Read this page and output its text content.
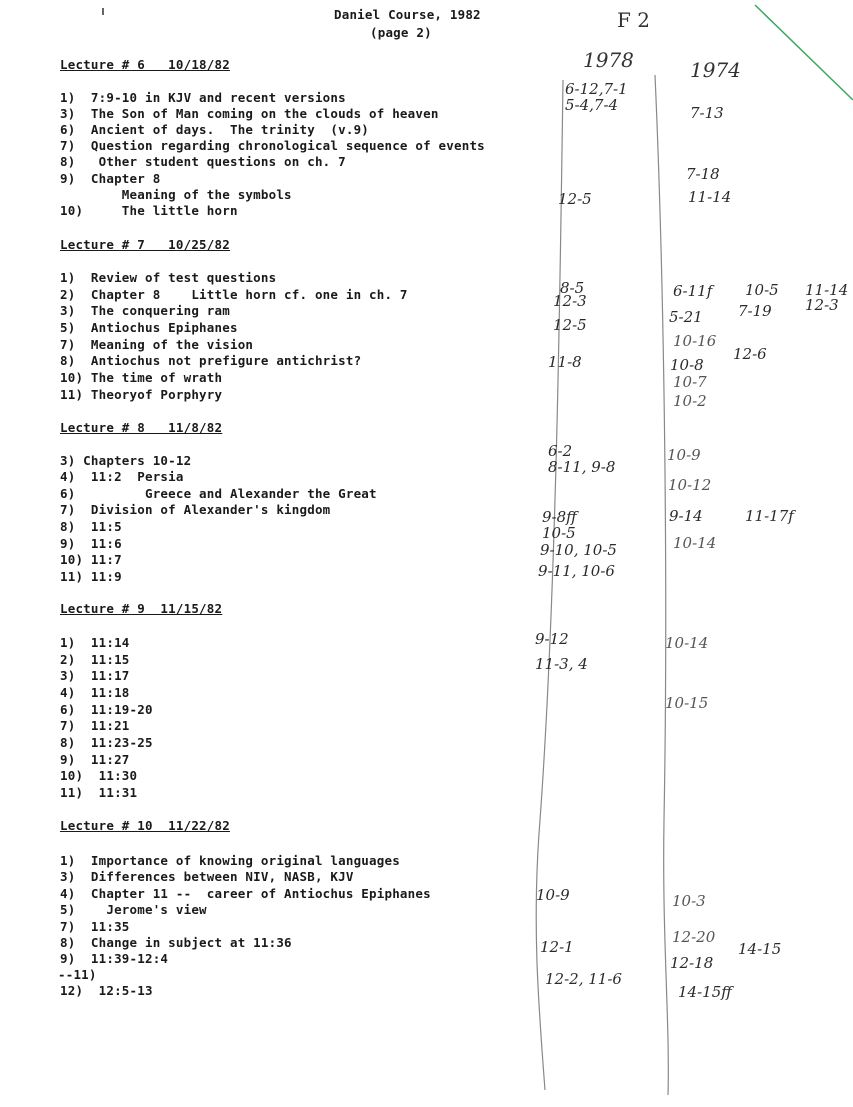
Daniel Course, 1982
(page 2)
F 2
1978	1974
Lecture # 6   10/18/82
1)  7:9-10 in KJV and recent versions
3)  The Son of Man coming on the clouds of heaven
6)  Ancient of days.  The trinity  (v.9)
7)  Question regarding chronological sequence of events
8)   Other student questions on ch. 7
9)  Chapter 8
Meaning of the symbols
10)     The little horn
Lecture # 7   10/25/82
1)  Review of test questions
2)  Chapter 8    Little horn cf. one in ch. 7
3)  The conquering ram
5)  Antiochus Epiphanes
7)  Meaning of the vision
8)  Antiochus not prefigure antichrist?
10) The time of wrath
11) Theoryof Porphyry
Lecture # 8   11/8/82
3) Chapters 10-12
4)  11:2  Persia
6)         Greece and Alexander the Great
7)  Division of Alexander's kingdom
8)  11:5
9)  11:6
10) 11:7
11) 11:9
Lecture # 9  11/15/82
1)  11:14
2)  11:15
3)  11:17
4)  11:18
6)  11:19-20
7)  11:21
8)  11:23-25
9)  11:27
10)  11:30
11)  11:31
Lecture # 10  11/22/82
1)  Importance of knowing original languages
3)  Differences between NIV, NASB, KJV
4)  Chapter 11 --  career of Antiochus Epiphanes
5)    Jerome's view
7)  11:35
8)  Change in subject at 11:36
9)  11:39-12:4
--11)
12)  12:5-13
6-12,7-1
5-4,7-4
12-5
8-5
12-3
12-5
11-8
6-2
8-11, 9-8
9-8ff
10-5
9-10, 10-5
9-11, 10-6
9-12
11-3, 4
10-9
12-1
12-2, 11-6
7-13
7-18
11-14
6-11f 10-5 11-14
12-3
5-21 7-19
10-16
10-8
12-6
10-7
10-2
10-9
10-12
9-14	11-17f
10-14
10-14
10-15
10-3
12-20
14-15
12-18
14-15ff
